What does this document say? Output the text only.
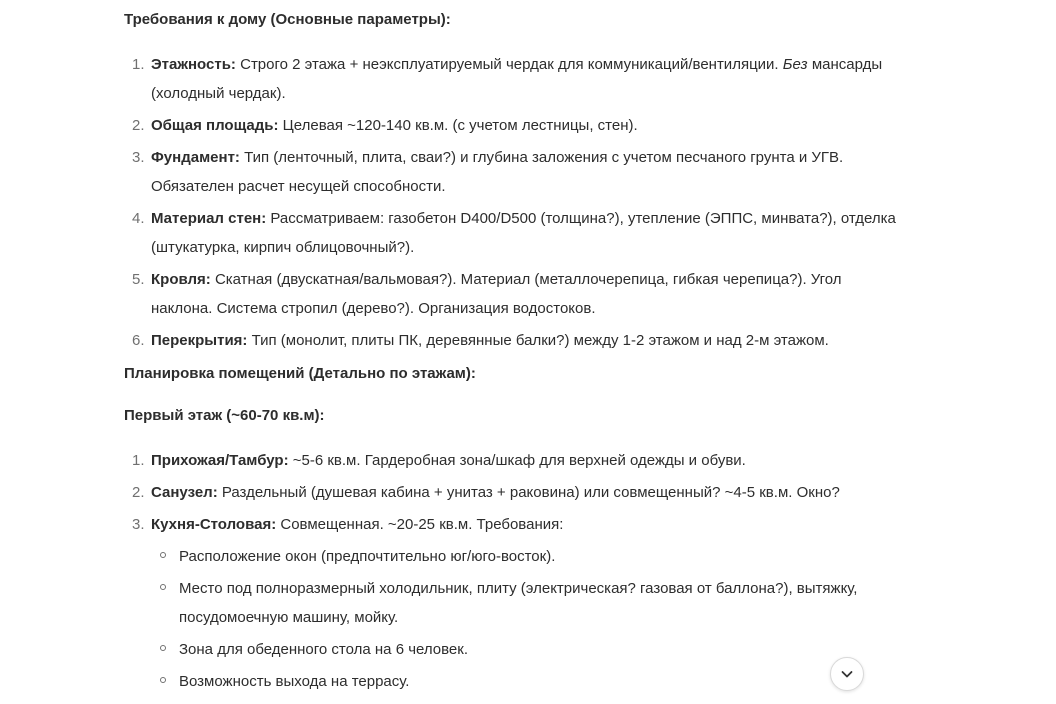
Требования к дому (Основные параметры):

1. Этажность: Строго 2 этажа + неэксплуатируемый чердак для коммуникаций/вентиляции. Без мансарды (холодный чердак).
2. Общая площадь: Целевая ~120-140 кв.м. (с учетом лестницы, стен).
3. Фундамент: Тип (ленточный, плита, сваи?) и глубина заложения с учетом песчаного грунта и УГВ. Обязателен расчет несущей способности.
4. Материал стен: Рассматриваем: газобетон D400/D500 (толщина?), утепление (ЭППС, минвата?), отделка (штукатурка, кирпич облицовочный?).
5. Кровля: Скатная (двускатная/вальмовая?). Материал (металлочерепица, гибкая черепица?). Угол наклона. Система стропил (дерево?). Организация водостоков.
6. Перекрытия: Тип (монолит, плиты ПК, деревянные балки?) между 1-2 этажом и над 2-м этажом.

Планировка помещений (Детально по этажам):

Первый этаж (~60-70 кв.м):

1. Прихожая/Тамбур: ~5-6 кв.м. Гардеробная зона/шкаф для верхней одежды и обуви.
2. Санузел: Раздельный (душевая кабина + унитаз + раковина) или совмещенный? ~4-5 кв.м. Окно?
3. Кухня-Столовая: Совмещенная. ~20-25 кв.м. Требования:
Расположение окон (предпочтительно юг/юго-восток).
Место под полноразмерный холодильник, плиту (электрическая? газовая от баллона?), вытяжку, посудомоечную машину, мойку.
Зона для обеденного стола на 6 человек.
Возможность выхода на террасу.
